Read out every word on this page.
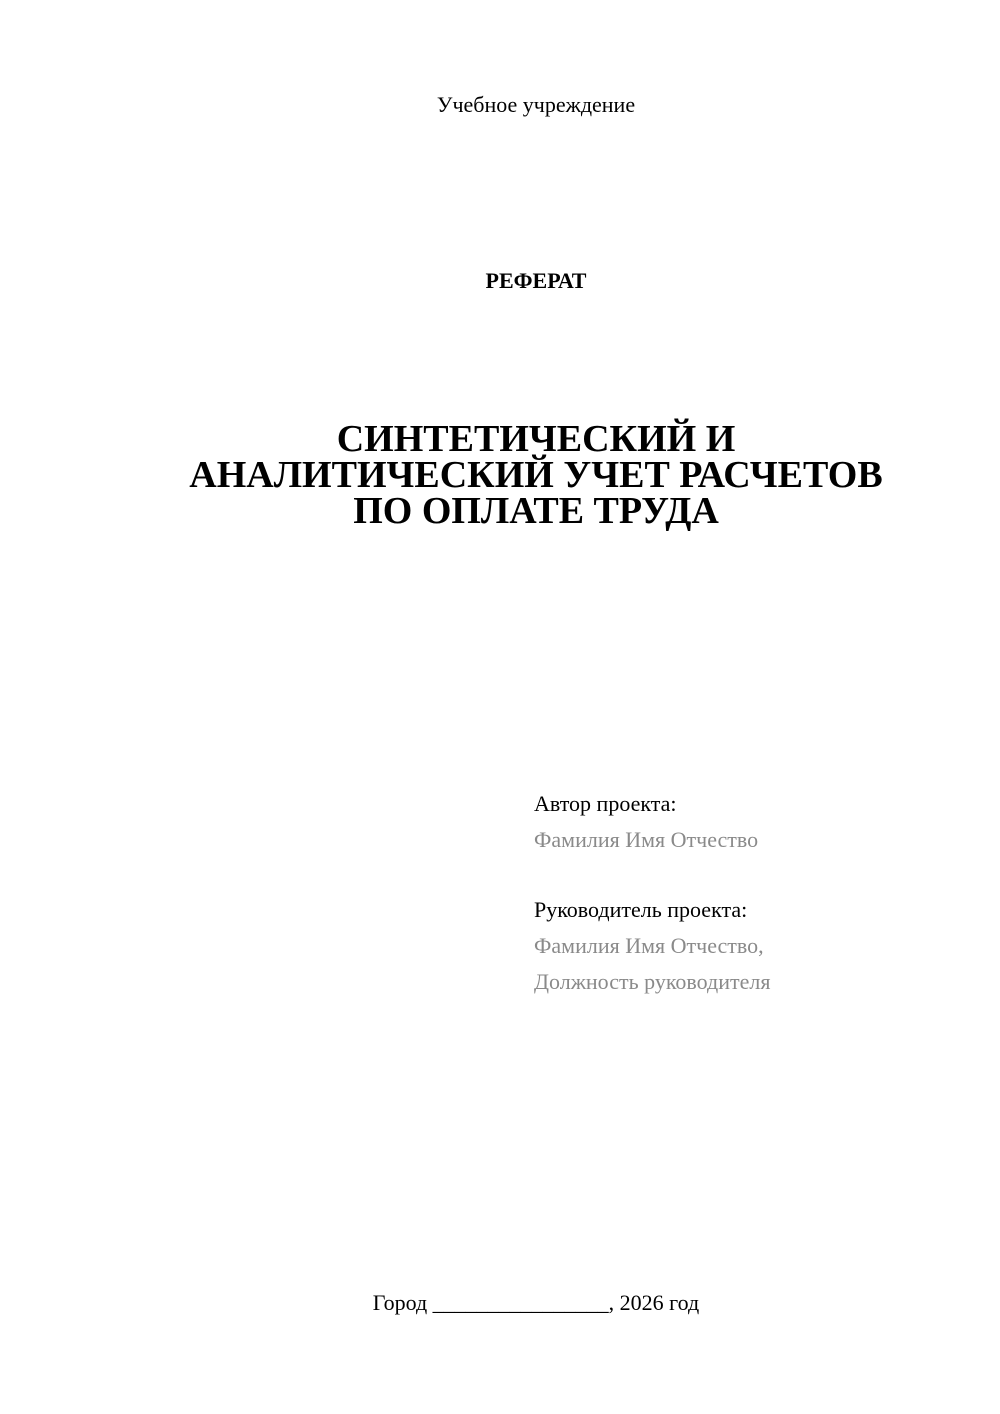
Учебное учреждение
РЕФЕРАТ
СИНТЕТИЧЕСКИЙ И
АНАЛИТИЧЕСКИЙ УЧЕТ РАСЧЕТОВ
ПО ОПЛАТЕ ТРУДА
Автор проекта:
Фамилия Имя Отчество
Руководитель проекта:
Фамилия Имя Отчество,
Должность руководителя
Город ________________, 2026 год
